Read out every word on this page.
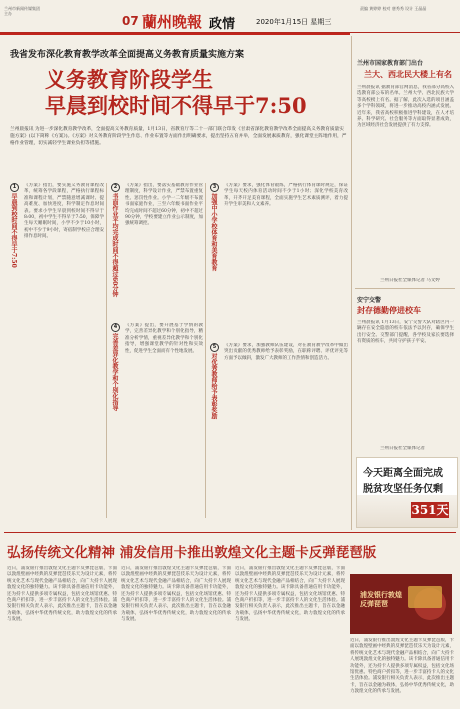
兰州市新闻传媒集团主办
07 蘭州晚報 政情	2020年1月15日 星期三
责编 黄婷婷 校对 唐秀秀 设计 王晶晶
我省发布深化教育教学改革全面提高义务教育质量实施方案
义务教育阶段学生
早晨到校时间不得早于7:50
兰州晨报讯 为进一步深化教育教学改革，全面提高义务教育质量，1月13日，省教育厅等二十一部门联合印发《甘肃省深化教育教学改革全面提高义务教育质量实施方案》(以下简称《方案》)。《方案》对义务教育阶段学生作息、作业布置等方面作出明确要求，提出坚持五育并举，全面发展素质教育，强化课堂主阵地作用，严格作业管理，切实减轻学生课业负担等措施。
1
早晨到校时间不得早于7:50
《方案》指出，要实施义务教育课程改革，统筹各学段课程，严格执行课程标准和课程计划，严禁随意增减课时、提高难度、加快进度，科学制定作息时间表。要求小学生早晨到校时间不得早于8:00，初中学生不得早于7:50，保障学生每天睡眠时间，小学不少于10小时，初中不少于9小时，寄宿制学校应合理安排作息时间。
2
书面作业平均完成时间不得超过60分钟
《方案》指出，要落实基础教育作业管理制度，科学设计作业，严禁布置重复性、惩罚性作业。小学一二年级不布置书面家庭作业，三至六年级书面作业平均完成时间不超过60分钟，初中不超过90分钟，学校要建立作业公示制度，加强统筹调控。
4
完善差异化教学和个别化指导
《方案》提出，要开展基于学情的教学，完善差异化教学和个别化指导，精准分析学情，重视差异化教学和个别化指导，增强课堂教学的针对性和实效性，促进学生全面而有个性地发展。
3
加强中小学校体育和美育教育
《方案》要求，强化体育锻炼，严格执行体育课时规定，保证学生每天校内体育活动时间不少于1小时；深化学校美育改革，开齐开足美育课程，全面实施学生艺术素质测评，着力提升学生审美和人文素养。
5
对优秀教师给予表彰奖励
《方案》要求，加强教师队伍建设，对在教育教学改革中做出突出贡献的优秀教师给予表彰奖励，在职称评聘、评优评先等方面予以倾斜，激发广大教师的工作热情和创造活力。
兰州市国家教育部门出台
兰大、西北民大楼上有名
兰州晨报讯 据教育部官网消息，我省部分高校入选教育部公布的名单。兰州大学、西北民族大学等高校榜上有名。据了解，此次入选的项目涵盖多个学科领域，将进一步推动高校内涵式发展。近年来，我省高校积极推进学科建设，在人才培养、科学研究、社会服务等方面取得显著成效，为区域经济社会发展提供了有力支撑。
兰州日报社全媒体记者 马文婷
安宁交警
封存德勤停进校车
兰州晨报讯 1月13日，安宁交警大队对辖区内一辆存在安全隐患的校车依法予以封存，确保学生出行安全。交警部门提醒，各学校及家长要选择有资质的校车，共同守护孩子平安。
兰州日报社全媒体记者
今天距离全面完成
脱贫攻坚任务仅剩
351天
弘扬传统文化精神 浦发信用卡推出敦煌文化主题卡反弹琵琶版
近日，浦发银行推出敦煌文化主题卡反弹琵琶版，卡面以敦煌壁画中经典的反弹琵琶伎乐天为设计元素，将传统文化艺术与现代金融产品相结合，向广大持卡人展现敦煌文化的独特魅力。该卡除具备普通信用卡功能外，还为持卡人提供多项专属权益，包括文化场馆优惠、特色商户折扣等，进一步丰富持卡人的文化生活体验。浦发银行相关负责人表示，此次推出主题卡，旨在以金融为载体，弘扬中华优秀传统文化，助力敦煌文化的传承与发展。
近日，浦发银行推出敦煌文化主题卡反弹琵琶版，卡面以敦煌壁画中经典的反弹琵琶伎乐天为设计元素，将传统文化艺术与现代金融产品相结合，向广大持卡人展现敦煌文化的独特魅力。该卡除具备普通信用卡功能外，还为持卡人提供多项专属权益，包括文化场馆优惠、特色商户折扣等，进一步丰富持卡人的文化生活体验。浦发银行相关负责人表示，此次推出主题卡，旨在以金融为载体，弘扬中华优秀传统文化，助力敦煌文化的传承与发展。
近日，浦发银行推出敦煌文化主题卡反弹琵琶版，卡面以敦煌壁画中经典的反弹琵琶伎乐天为设计元素，将传统文化艺术与现代金融产品相结合，向广大持卡人展现敦煌文化的独特魅力。该卡除具备普通信用卡功能外，还为持卡人提供多项专属权益，包括文化场馆优惠、特色商户折扣等，进一步丰富持卡人的文化生活体验。浦发银行相关负责人表示，此次推出主题卡，旨在以金融为载体，弘扬中华优秀传统文化，助力敦煌文化的传承与发展。
近日，浦发银行推出敦煌文化主题卡反弹琵琶版，卡面以敦煌壁画中经典的反弹琵琶伎乐天为设计元素，将传统文化艺术与现代金融产品相结合，向广大持卡人展现敦煌文化的独特魅力。该卡除具备普通信用卡功能外，还为持卡人提供多项专属权益，包括文化场馆优惠、特色商户折扣等，进一步丰富持卡人的文化生活体验。浦发银行相关负责人表示，此次推出主题卡，旨在以金融为载体，弘扬中华优秀传统文化，助力敦煌文化的传承与发展。
浦发银行敦煌
反弹琵琶
